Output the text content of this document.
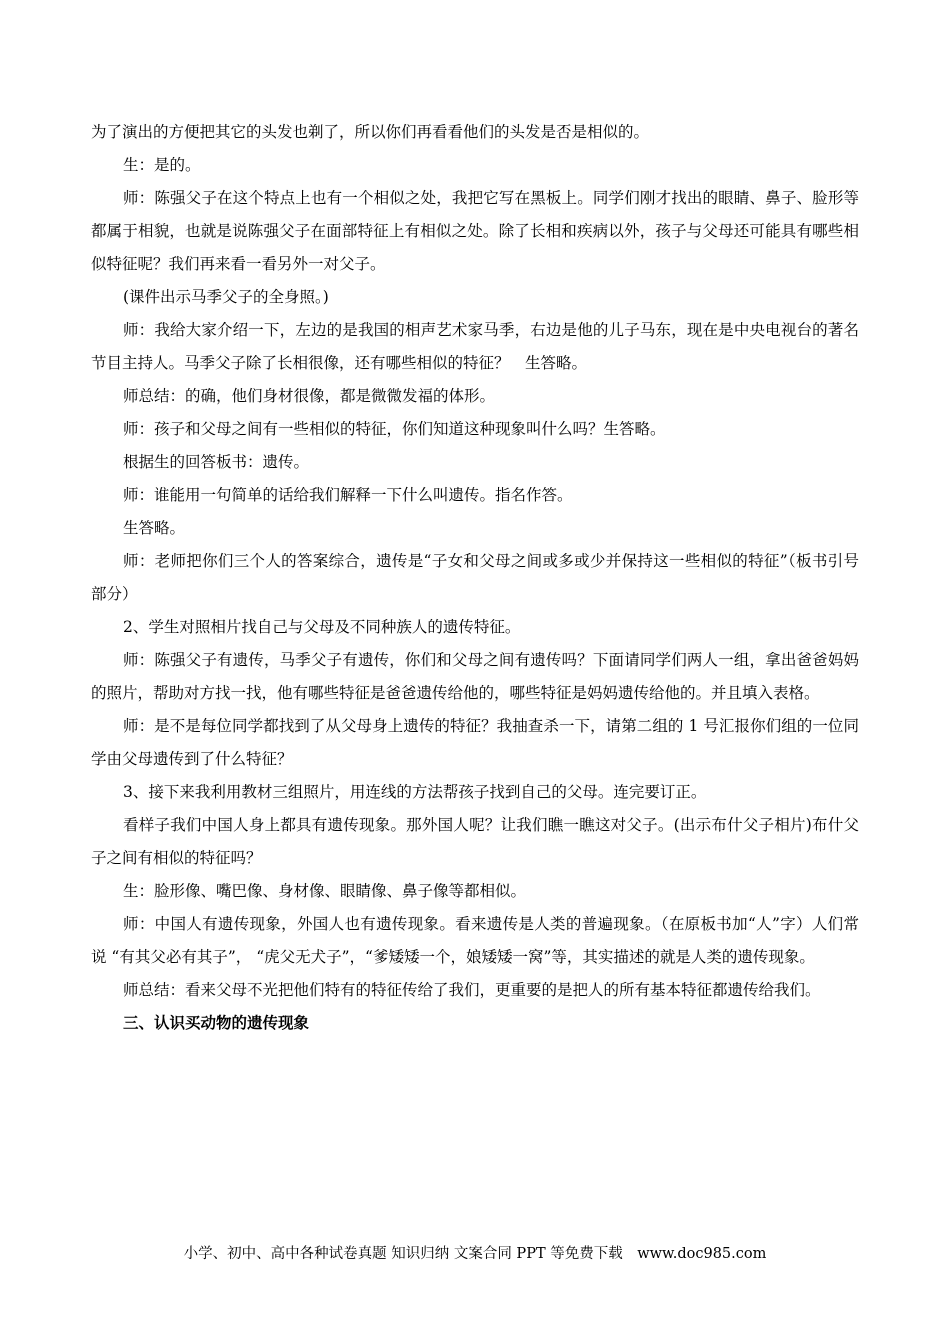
为了演出的方便把其它的头发也剃了，所以你们再看看他们的头发是否是相似的。

生：是的。

师：陈强父子在这个特点上也有一个相似之处，我把它写在黑板上。同学们刚才找出的眼睛、鼻子、脸形等都属于相貌，也就是说陈强父子在面部特征上有相似之处。除了长相和疾病以外，孩子与父母还可能具有哪些相似特征呢？我们再来看一看另外一对父子。

(课件出示马季父子的全身照。)

师：我给大家介绍一下，左边的是我国的相声艺术家马季，右边是他的儿子马东，现在是中央电视台的著名节目主持人。马季父子除了长相很像，还有哪些相似的特征？　生答略。

师总结：的确，他们身材很像，都是微微发福的体形。

师：孩子和父母之间有一些相似的特征，你们知道这种现象叫什么吗？生答略。

根据生的回答板书：遗传。

师：谁能用一句简单的话给我们解释一下什么叫遗传。指名作答。

生答略。

师：老师把你们三个人的答案综合，遗传是“子女和父母之间或多或少并保持这一些相似的特征”（板书引号部分）

2、学生对照相片找自己与父母及不同种族人的遗传特征。

师：陈强父子有遗传，马季父子有遗传，你们和父母之间有遗传吗？下面请同学们两人一组，拿出爸爸妈妈的照片，帮助对方找一找，他有哪些特征是爸爸遗传给他的，哪些特征是妈妈遗传给他的。并且填入表格。

师：是不是每位同学都找到了从父母身上遗传的特征？我抽查杀一下，请第二组的 1 号汇报你们组的一位同学由父母遗传到了什么特征？

3、接下来我利用教材三组照片，用连线的方法帮孩子找到自己的父母。连完要订正。

看样子我们中国人身上都具有遗传现象。那外国人呢？让我们瞧一瞧这对父子。(出示布什父子相片)布什父子之间有相似的特征吗？

生：脸形像、嘴巴像、身材像、眼睛像、鼻子像等都相似。

师：中国人有遗传现象，外国人也有遗传现象。看来遗传是人类的普遍现象。（在原板书加“人”字）人们常说 “有其父必有其子”， “虎父无犬子”，“爹矮矮一个，娘矮矮一窝”等，其实描述的就是人类的遗传现象。

师总结：看来父母不光把他们特有的特征传给了我们，更重要的是把人的所有基本特征都遗传给我们。

三、认识买动物的遗传现象

小学、初中、高中各种试卷真题 知识归纳 文案合同 PPT 等免费下载　www.doc985.com
